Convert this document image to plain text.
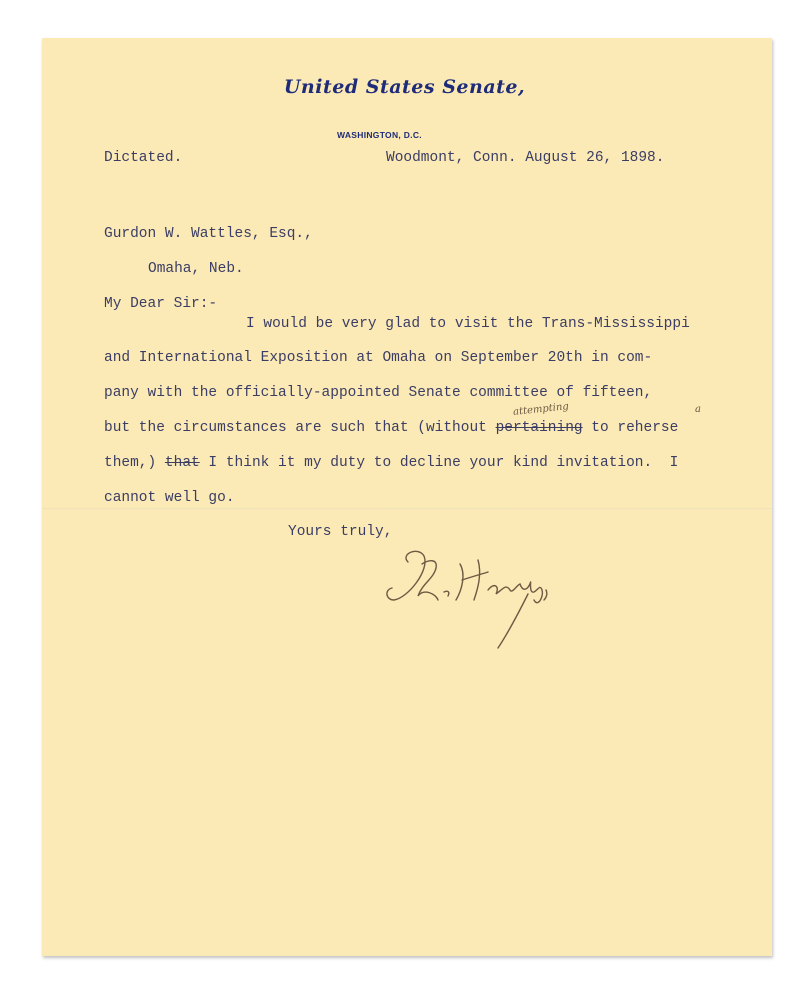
United States Senate,
WASHINGTON, D.C.
Dictated.	Woodmont, Conn. August 26, 1898.
Gurdon W. Wattles, Esq.,
Omaha, Neb.
My Dear Sir:-
I would be very glad to visit the Trans-Mississippi
and International Exposition at Omaha on September 20th in com-
pany with the officially-appointed Senate committee of fifteen,
attempting	a
but the circumstances are such that (without pertaining to reherse
them,) that I think it my duty to decline your kind invitation.  I
cannot well go.
Yours truly,
J.R. Hawley
